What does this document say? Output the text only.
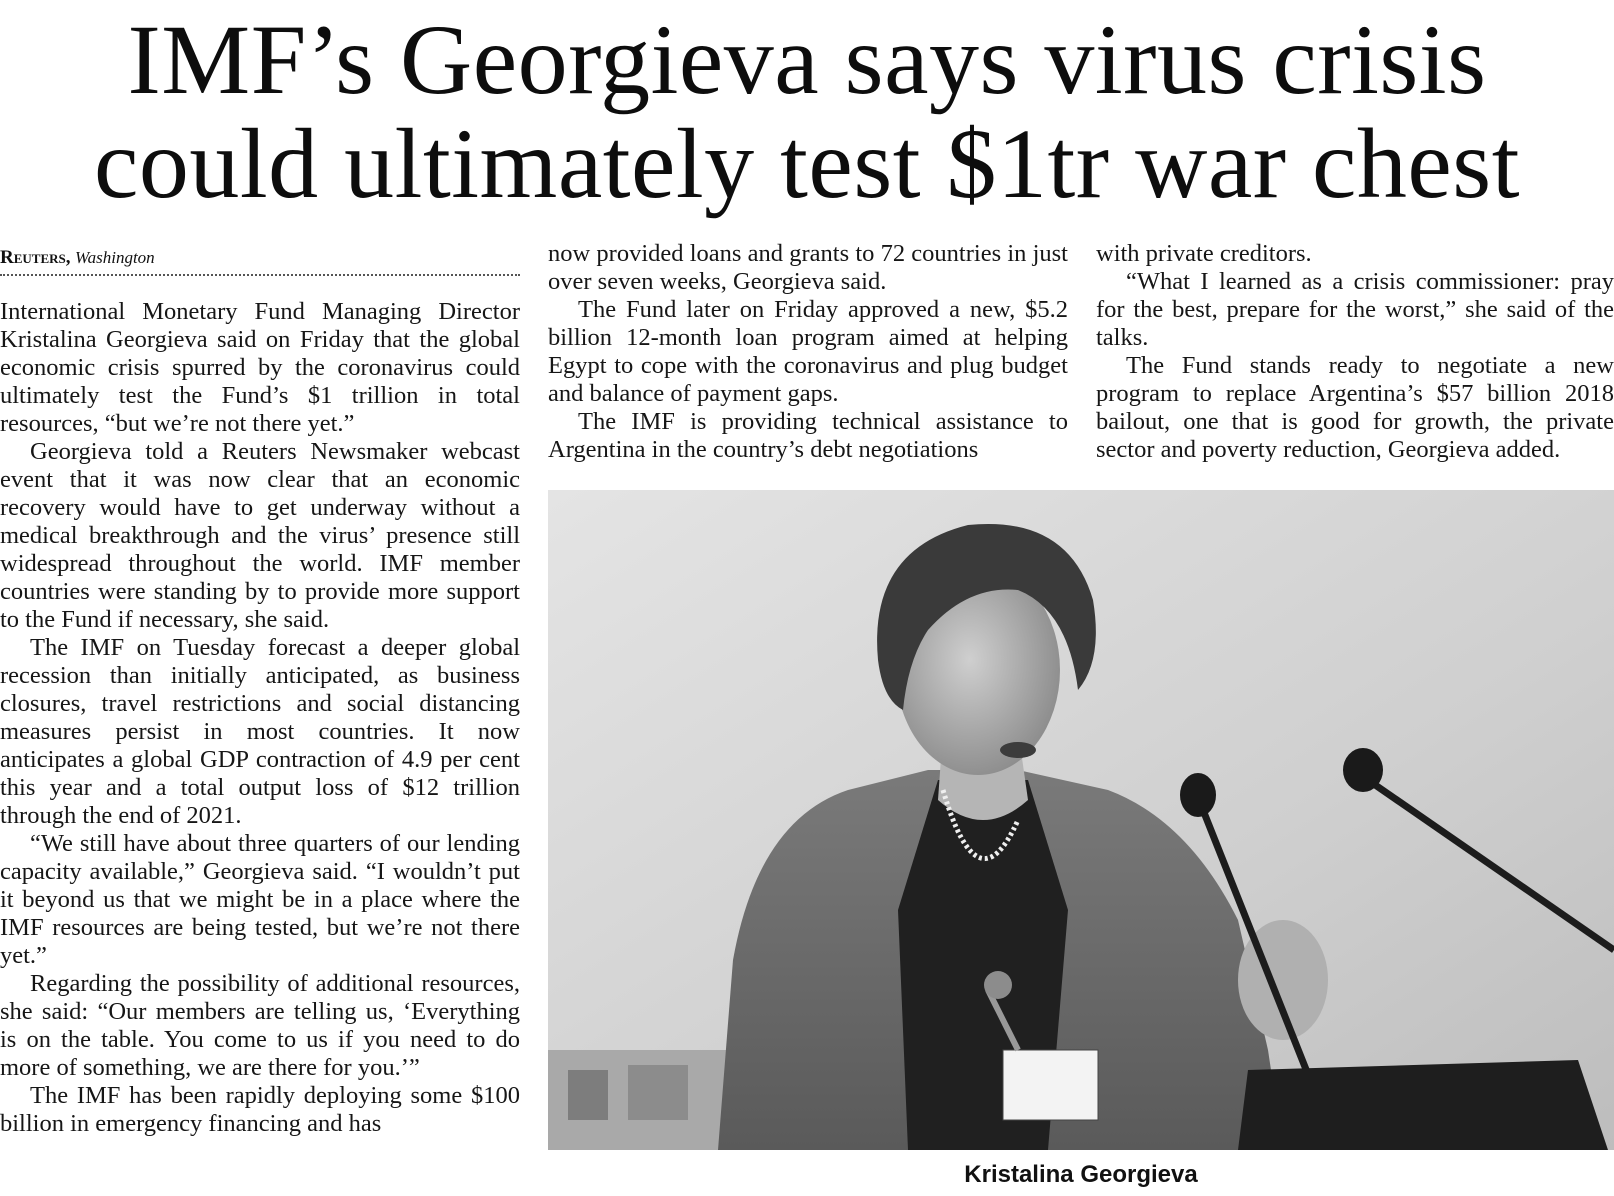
IMF’s Georgieva says virus crisis
could ultimately test $1tr war chest
Reuters, Washington

International Monetary Fund Managing Director Kristalina Georgieva said on Friday that the global economic crisis spurred by the coronavirus could ultimately test the Fund’s $1 trillion in total resources, “but we’re not there yet.”

Georgieva told a Reuters Newsmaker webcast event that it was now clear that an economic recovery would have to get underway without a medical breakthrough and the virus’ presence still widespread throughout the world. IMF member countries were standing by to provide more support to the Fund if necessary, she said.

The IMF on Tuesday forecast a deeper global recession than initially anticipated, as business closures, travel restrictions and social distancing measures persist in most countries. It now anticipates a global GDP contraction of 4.9 per cent this year and a total output loss of $12 trillion through the end of 2021.

“We still have about three quarters of our lending capacity available,” Georgieva said. “I wouldn’t put it beyond us that we might be in a place where the IMF resources are being tested, but we’re not there yet.”

Regarding the possibility of additional resources, she said: “Our members are telling us, ‘Everything is on the table. You come to us if you need to do more of something, we are there for you.’”

The IMF has been rapidly deploying some $100 billion in emergency financing and has

now provided loans and grants to 72 countries in just over seven weeks, Georgieva said.

The Fund later on Friday approved a new, $5.2 billion 12-month loan program aimed at helping Egypt to cope with the coronavirus and plug budget and balance of payment gaps.

The IMF is providing technical assistance to Argentina in the country’s debt negotiations

with private creditors.

“What I learned as a crisis commissioner: pray for the best, prepare for the worst,” she said of the talks.

The Fund stands ready to negotiate a new program to replace Argentina’s $57 billion 2018 bailout, one that is good for growth, the private sector and poverty reduction, Georgieva added.

Kristalina Georgieva
